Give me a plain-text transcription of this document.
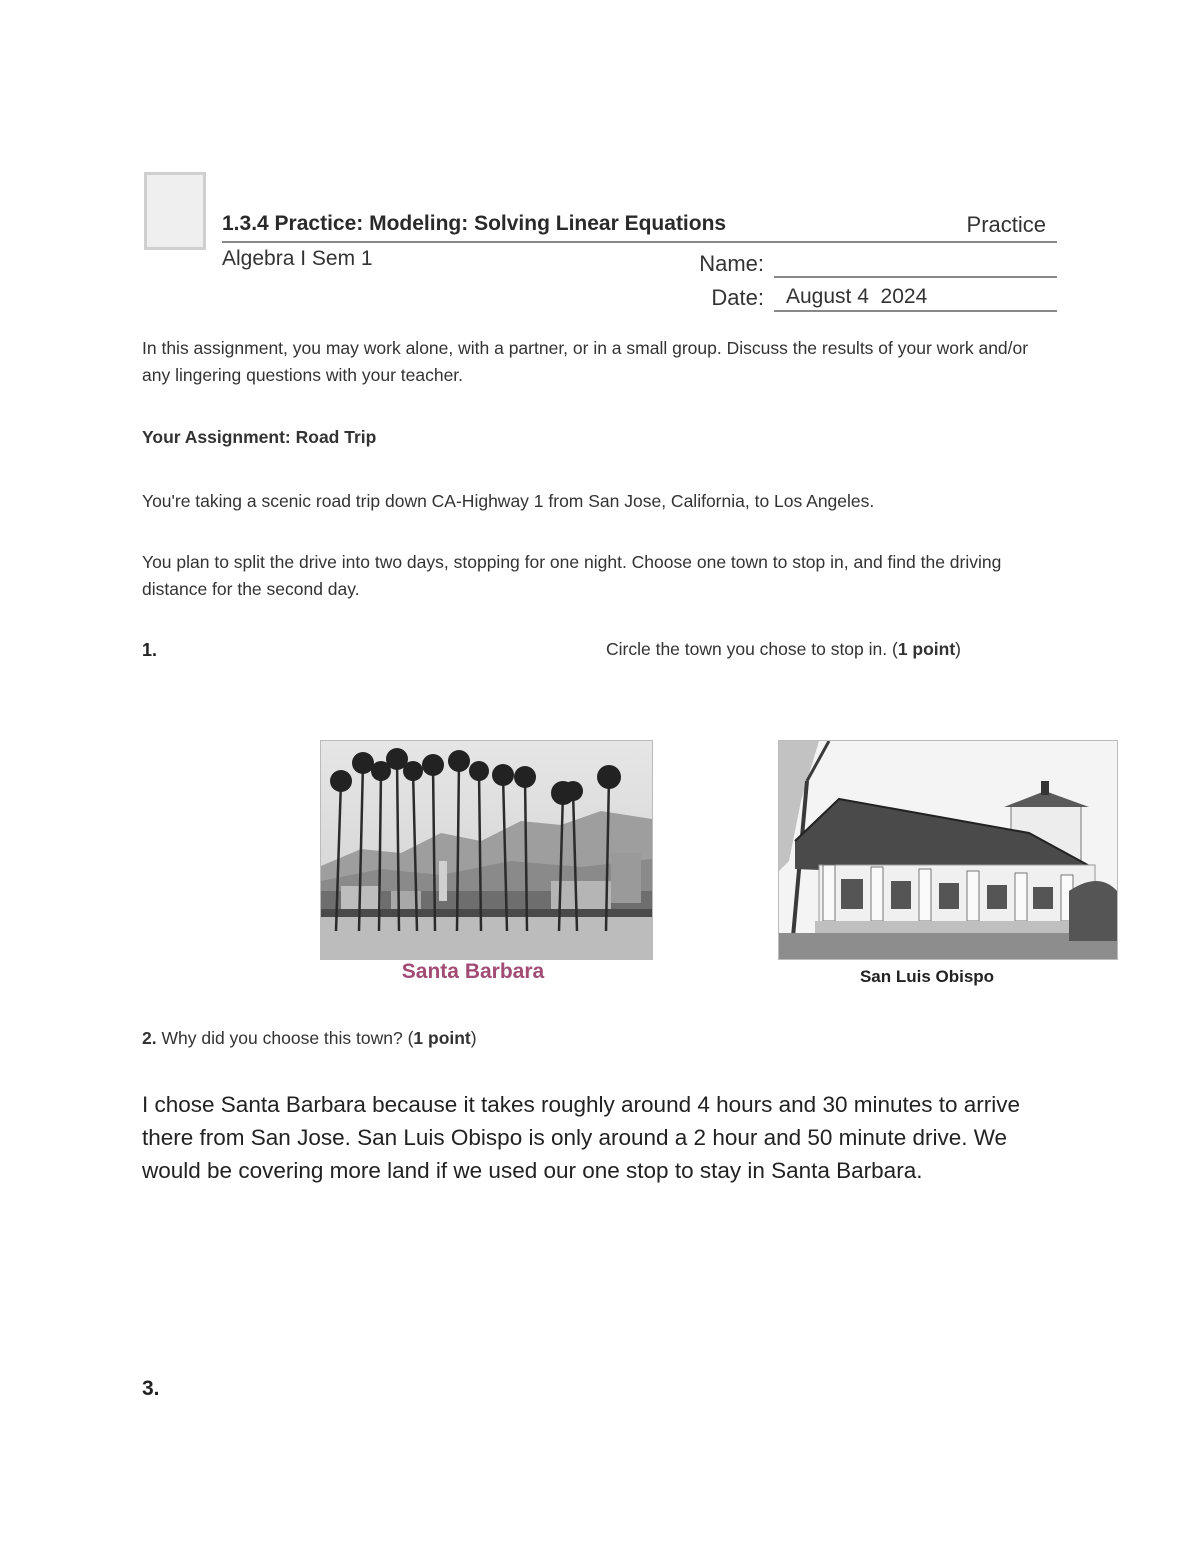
1.3.4 Practice: Modeling: Solving Linear Equations	Practice
Algebra I Sem 1	Name:
Date:	August 4  2024
In this assignment, you may work alone, with a partner, or in a small group. Discuss the results of your work and/or any lingering questions with your teacher.
Your Assignment: Road Trip
You're taking a scenic road trip down CA-Highway 1 from San Jose, California, to Los Angeles.
You plan to split the drive into two days, stopping for one night. Choose one town to stop in, and find the driving distance for the second day.
1.	Circle the town you chose to stop in. (1 point)
Santa Barbara	San Luis Obispo
2. Why did you choose this town? (1 point)
I chose Santa Barbara because it takes roughly around 4 hours and 30 minutes to arrive there from San Jose. San Luis Obispo is only around a 2 hour and 50 minute drive. We would be covering more land if we used our one stop to stay in Santa Barbara.
3.
